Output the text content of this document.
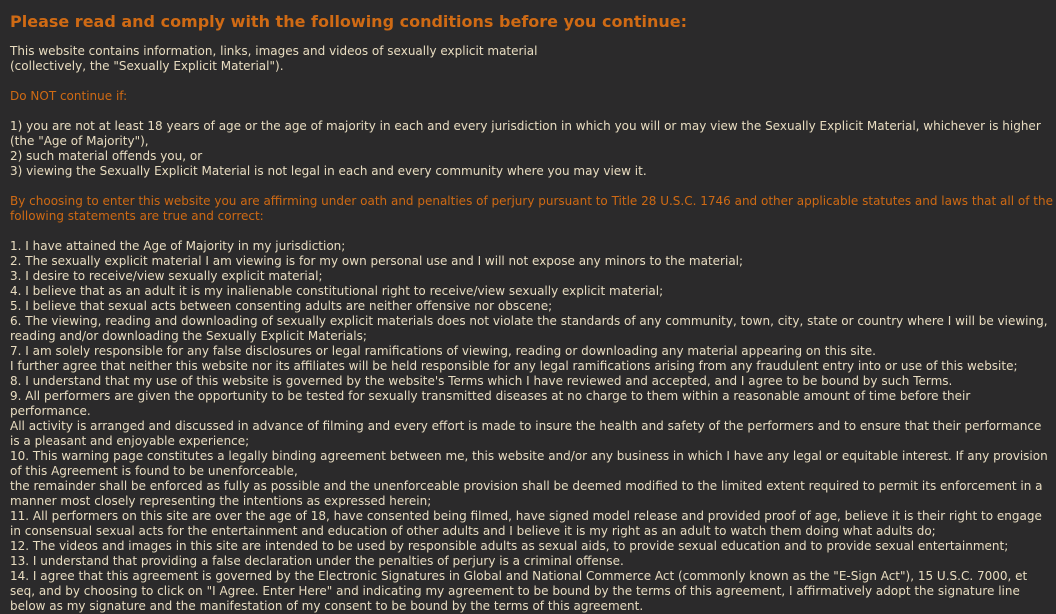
Please read and comply with the following conditions before you continue:
This website contains information, links, images and videos of sexually explicit material
(collectively, the "Sexually Explicit Material").
Do NOT continue if:
1) you are not at least 18 years of age or the age of majority in each and every jurisdiction in which you will or may view the Sexually Explicit Material, whichever is higher (the "Age of Majority"),
2) such material offends you, or
3) viewing the Sexually Explicit Material is not legal in each and every community where you may view it.
By choosing to enter this website you are affirming under oath and penalties of perjury pursuant to Title 28 U.S.C. 1746 and other applicable statutes and laws that all of the following statements are true and correct:
1. I have attained the Age of Majority in my jurisdiction;
2. The sexually explicit material I am viewing is for my own personal use and I will not expose any minors to the material;
3. I desire to receive/view sexually explicit material;
4. I believe that as an adult it is my inalienable constitutional right to receive/view sexually explicit material;
5. I believe that sexual acts between consenting adults are neither offensive nor obscene;
6. The viewing, reading and downloading of sexually explicit materials does not violate the standards of any community, town, city, state or country where I will be viewing, reading and/or downloading the Sexually Explicit Materials;
7. I am solely responsible for any false disclosures or legal ramifications of viewing, reading or downloading any material appearing on this site.
I further agree that neither this website nor its affiliates will be held responsible for any legal ramifications arising from any fraudulent entry into or use of this website;
8. I understand that my use of this website is governed by the website's Terms which I have reviewed and accepted, and I agree to be bound by such Terms.
9. All performers are given the opportunity to be tested for sexually transmitted diseases at no charge to them within a reasonable amount of time before their performance.
All activity is arranged and discussed in advance of filming and every effort is made to insure the health and safety of the performers and to ensure that their performance is a pleasant and enjoyable experience;
10. This warning page constitutes a legally binding agreement between me, this website and/or any business in which I have any legal or equitable interest. If any provision of this Agreement is found to be unenforceable,
the remainder shall be enforced as fully as possible and the unenforceable provision shall be deemed modified to the limited extent required to permit its enforcement in a manner most closely representing the intentions as expressed herein;
11. All performers on this site are over the age of 18, have consented being filmed, have signed model release and provided proof of age, believe it is their right to engage in consensual sexual acts for the entertainment and education of other adults and I believe it is my right as an adult to watch them doing what adults do;
12. The videos and images in this site are intended to be used by responsible adults as sexual aids, to provide sexual education and to provide sexual entertainment;
13. I understand that providing a false declaration under the penalties of perjury is a criminal offense.
14. I agree that this agreement is governed by the Electronic Signatures in Global and National Commerce Act (commonly known as the "E-Sign Act"), 15 U.S.C. 7000, et seq, and by choosing to click on "I Agree. Enter Here" and indicating my agreement to be bound by the terms of this agreement, I affirmatively adopt the signature line below as my signature and the manifestation of my consent to be bound by the terms of this agreement.
